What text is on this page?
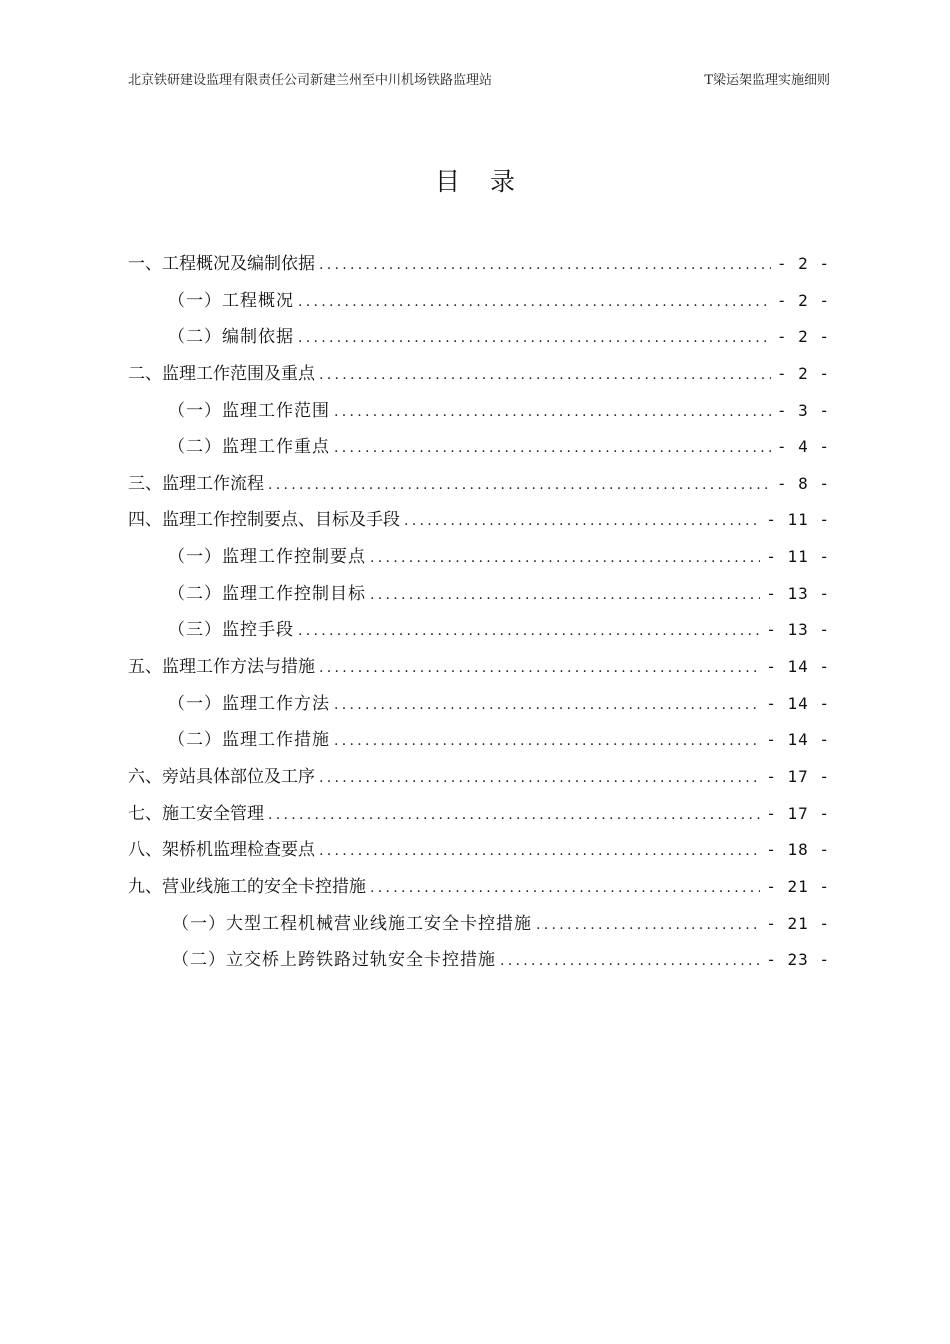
北京铁研建设监理有限责任公司新建兰州至中川机场铁路监理站	T梁运架监理实施细则
目录
一、工程概况及编制依据 .....	- 2 -
（一）工程概况 .....	- 2 -
（二）编制依据 .....	- 2 -
二、监理工作范围及重点 .....	- 2 -
（一）监理工作范围 .....	- 3 -
（二）监理工作重点 .....	- 4 -
三、监理工作流程 .....	- 8 -
四、监理工作控制要点、目标及手段 .....	- 11 -
（一）监理工作控制要点 .....	- 11 -
（二）监理工作控制目标 .....	- 13 -
（三）监控手段 .....	- 13 -
五、监理工作方法与措施 .....	- 14 -
（一）监理工作方法 .....	- 14 -
（二）监理工作措施 .....	- 14 -
六、旁站具体部位及工序 .....	- 17 -
七、施工安全管理 .....	- 17 -
八、架桥机监理检查要点 .....	- 18 -
九、营业线施工的安全卡控措施 .....	- 21 -
（一）大型工程机械营业线施工安全卡控措施 .....	- 21 -
（二）立交桥上跨铁路过轨安全卡控措施 .....	- 23 -
